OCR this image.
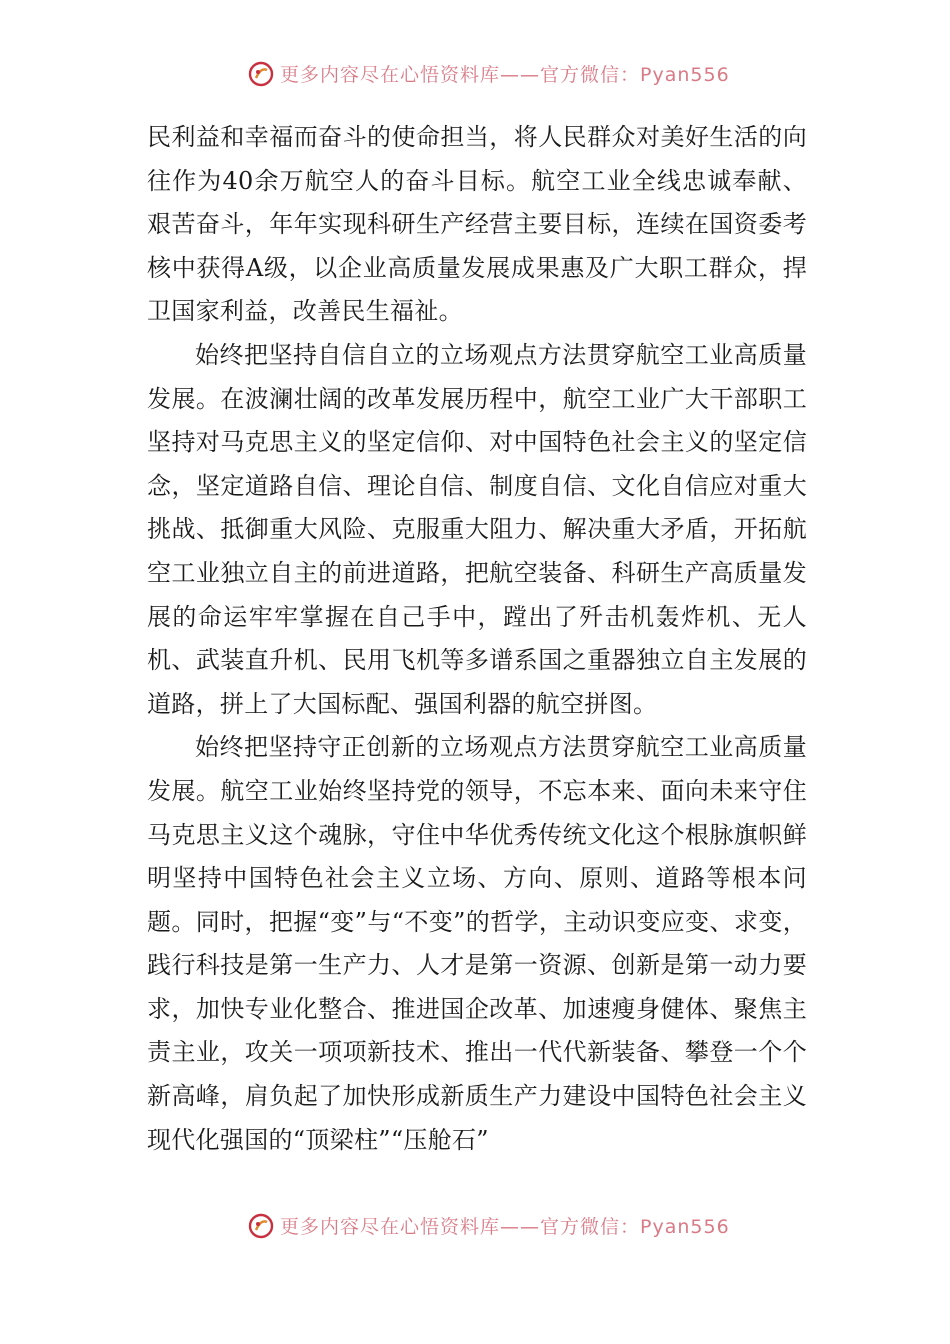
更多内容尽在心悟资料库——官方微信：Pyan556

民利益和幸福而奋斗的使命担当，将人民群众对美好生活的向往作为40余万航空人的奋斗目标。航空工业全线忠诚奉献、艰苦奋斗，年年实现科研生产经营主要目标，连续在国资委考核中获得A级，以企业高质量发展成果惠及广大职工群众，捍卫国家利益，改善民生福祉。

始终把坚持自信自立的立场观点方法贯穿航空工业高质量发展。在波澜壮阔的改革发展历程中，航空工业广大干部职工坚持对马克思主义的坚定信仰、对中国特色社会主义的坚定信念，坚定道路自信、理论自信、制度自信、文化自信应对重大挑战、抵御重大风险、克服重大阻力、解决重大矛盾，开拓航空工业独立自主的前进道路，把航空装备、科研生产高质量发展的命运牢牢掌握在自己手中，蹚出了歼击机轰炸机、无人机、武装直升机、民用飞机等多谱系国之重器独立自主发展的道路，拼上了大国标配、强国利器的航空拼图。

始终把坚持守正创新的立场观点方法贯穿航空工业高质量发展。航空工业始终坚持党的领导，不忘本来、面向未来守住马克思主义这个魂脉，守住中华优秀传统文化这个根脉旗帜鲜明坚持中国特色社会主义立场、方向、原则、道路等根本问题。同时，把握“变”与“不变”的哲学，主动识变应变、求变，践行科技是第一生产力、人才是第一资源、创新是第一动力要求，加快专业化整合、推进国企改革、加速瘦身健体、聚焦主责主业，攻关一项项新技术、推出一代代新装备、攀登一个个新高峰，肩负起了加快形成新质生产力建设中国特色社会主义现代化强国的“顶梁柱”“压舱石”

更多内容尽在心悟资料库——官方微信：Pyan556
